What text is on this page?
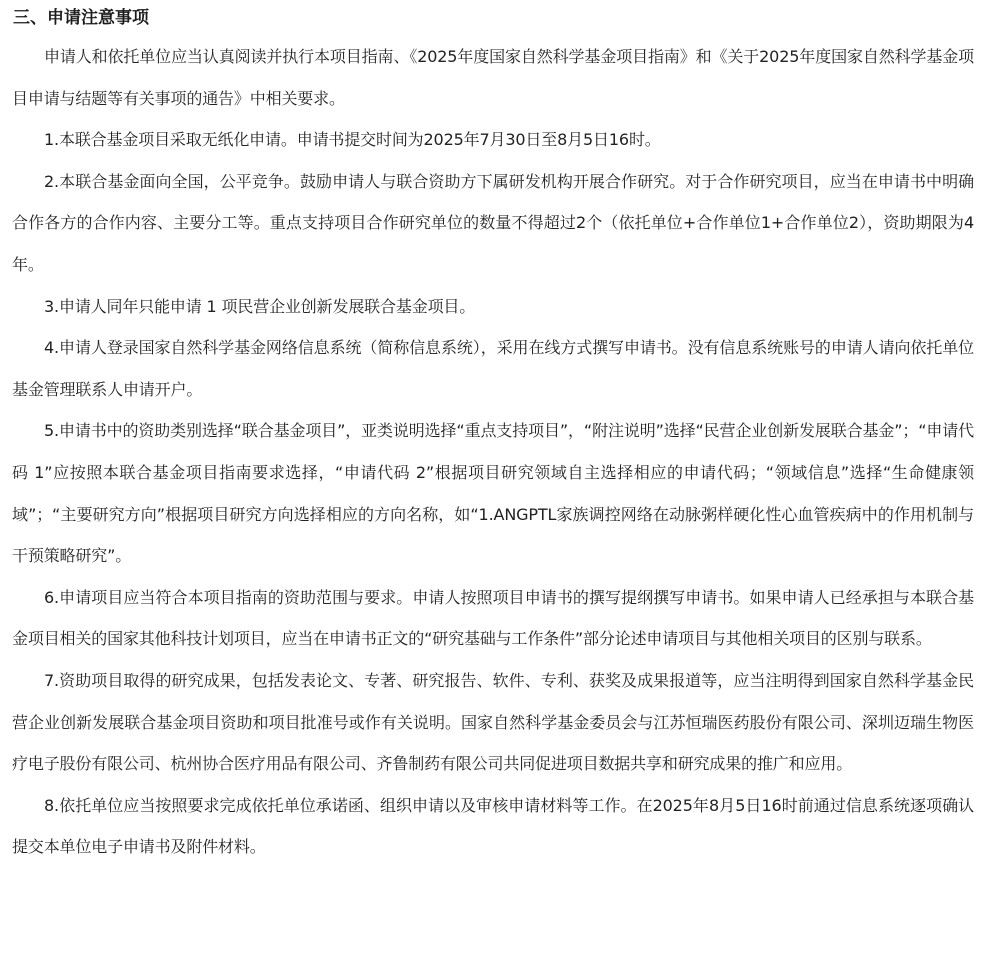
三、申请注意事项

申请人和依托单位应当认真阅读并执行本项目指南、《2025年度国家自然科学基金项目指南》和《关于2025年度国家自然科学基金项目申请与结题等有关事项的通告》中相关要求。

1.本联合基金项目采取无纸化申请。申请书提交时间为2025年7月30日至8月5日16时。

2.本联合基金面向全国，公平竞争。鼓励申请人与联合资助方下属研发机构开展合作研究。对于合作研究项目，应当在申请书中明确合作各方的合作内容、主要分工等。重点支持项目合作研究单位的数量不得超过2个（依托单位+合作单位1+合作单位2），资助期限为4年。

3.申请人同年只能申请 1 项民营企业创新发展联合基金项目。

4.申请人登录国家自然科学基金网络信息系统（简称信息系统），采用在线方式撰写申请书。没有信息系统账号的申请人请向依托单位基金管理联系人申请开户。

5.申请书中的资助类别选择“联合基金项目”，亚类说明选择“重点支持项目”，“附注说明”选择“民营企业创新发展联合基金”；“申请代码 1”应按照本联合基金项目指南要求选择，“申请代码 2”根据项目研究领域自主选择相应的申请代码；“领域信息”选择“生命健康领域”；“主要研究方向”根据项目研究方向选择相应的方向名称，如“1.ANGPTL家族调控网络在动脉粥样硬化性心血管疾病中的作用机制与干预策略研究”。

6.申请项目应当符合本项目指南的资助范围与要求。申请人按照项目申请书的撰写提纲撰写申请书。如果申请人已经承担与本联合基金项目相关的国家其他科技计划项目，应当在申请书正文的“研究基础与工作条件”部分论述申请项目与其他相关项目的区别与联系。

7.资助项目取得的研究成果，包括发表论文、专著、研究报告、软件、专利、获奖及成果报道等，应当注明得到国家自然科学基金民营企业创新发展联合基金项目资助和项目批准号或作有关说明。国家自然科学基金委员会与江苏恒瑞医药股份有限公司、深圳迈瑞生物医疗电子股份有限公司、杭州协合医疗用品有限公司、齐鲁制药有限公司共同促进项目数据共享和研究成果的推广和应用。

8.依托单位应当按照要求完成依托单位承诺函、组织申请以及审核申请材料等工作。在2025年8月5日16时前通过信息系统逐项确认提交本单位电子申请书及附件材料。
